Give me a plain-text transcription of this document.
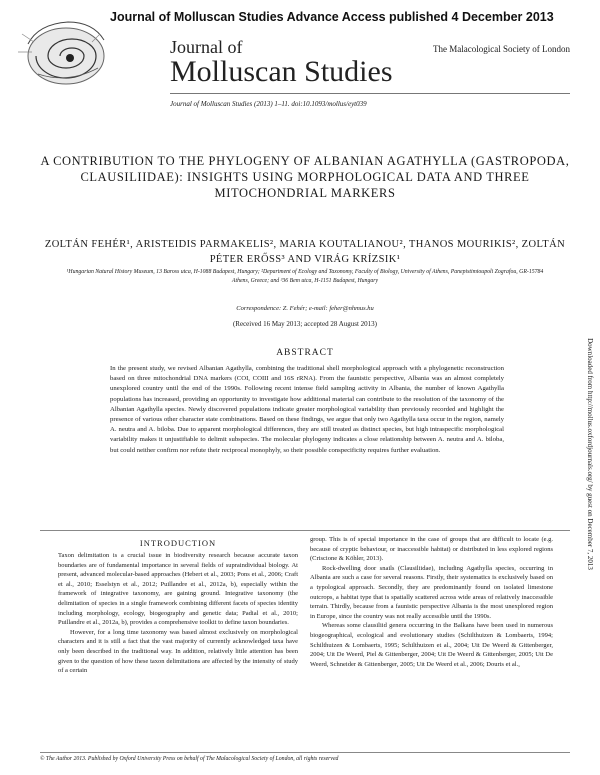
Journal of Molluscan Studies Advance Access published 4 December 2013
Journal of
Molluscan Studies
The Malacological Society of London
Journal of Molluscan Studies (2013) 1–11. doi:10.1093/mollus/eyt039
A CONTRIBUTION TO THE PHYLOGENY OF ALBANIAN AGATHYLLA (GASTROPODA, CLAUSILIIDAE): INSIGHTS USING MORPHOLOGICAL DATA AND THREE MITOCHONDRIAL MARKERS
ZOLTÁN FEHÉR¹, ARISTEIDIS PARMAKELIS², MARIA KOUTALIANOU², THANOS MOURIKIS², ZOLTÁN PÉTER ERŐSS³ AND VIRÁG KRÍZSIK¹
¹Hungarian Natural History Museum, 13 Baross utca, H-1088 Budapest, Hungary; ²Department of Ecology and Taxonomy, Faculty of Biology, University of Athens, Panepistimioupoli Zografou, GR-15784 Athens, Greece; and ³36 Bem utca, H-1151 Budapest, Hungary
Correspondence: Z. Fehér; e-mail: feher@nhmus.hu
(Received 16 May 2013; accepted 28 August 2013)
ABSTRACT
In the present study, we revised Albanian Agathylla, combining the traditional shell morphological approach with a phylogenetic reconstruction based on three mitochondrial DNA markers (COI, COIII and 16S rRNA). From the faunistic perspective, Albania was an almost completely unexplored country until the end of the 1990s. Following recent intense field sampling activity in Albania, the number of known Agathylla populations has increased, providing an opportunity to investigate how additional material can contribute to the resolution of the taxonomy of the Albanian Agathylla species. Newly discovered populations indicate greater morphological variability than previously recorded and highlight the presence of various other character state combinations. Based on these findings, we argue that only two Agathylla taxa occur in the region, namely A. neutra and A. biloba. Due to apparent morphological differences, they are still treated as distinct species, but high intraspecific morphological variability makes it unjustifiable to delimit subspecies. The molecular phylogeny indicates a close relationship between A. neutra and A. biloba, but could neither confirm nor refute their reciprocal monophyly, so their possible conspecificity requires further evaluation.
INTRODUCTION

Taxon delimitation is a crucial issue in biodiversity research because accurate taxon boundaries are of fundamental importance in several fields of supraindividual biology. At present, advanced molecular-based approaches (Hebert et al., 2003; Pons et al., 2006; Craft et al., 2010; Esselstyn et al., 2012; Puillandre et al., 2012a, b), especially within the framework of integrative taxonomy, are gaining ground. Integrative taxonomy (the delimitation of species in a single framework combining different facets of species identity including morphology, ecology, biogeography and genetic data; Padial et al., 2010; Puillandre et al., 2012a, b), provides a comprehensive toolkit to define taxon boundaries.

However, for a long time taxonomy was based almost exclusively on morphological characters and it is still a fact that the vast majority of currently acknowledged taxa have only been described in the traditional way. In addition, relatively little attention has been given to the question of how these taxon delimitations are affected by the intensity of study of a certain

group. This is of special importance in the case of groups that are difficult to locate (e.g. because of cryptic behaviour, or inaccessible habitat) or distributed in less explored regions (Criscione & Köhler, 2013).

Rock-dwelling door snails (Clausiliidae), including Agathylla species, occurring in Albania are such a case for several reasons. Firstly, their systematics is exclusively based on a typological approach. Secondly, they are predominantly found on isolated limestone outcrops, a habitat type that is spatially scattered across wide areas of relatively inaccessible terrain. Thirdly, because from a faunistic perspective Albania is the most unexplored region in Europe, since the country was not really accessible until the 1990s.

Whereas some clausiliid genera occurring in the Balkans have been used in numerous biogeographical, ecological and evolutionary studies (Schilthuizen & Lombaerts, 1994; Schilthuizen & Lombaerts, 1995; Schilthuizen et al., 2004; Uit De Weerd & Gittenberger, 2004; Uit De Weerd, Piel & Gittenberger, 2004; Uit De Weerd & Gittenberger, 2005; Uit De Weerd, Schneider & Gittenberger, 2005; Uit De Weerd et al., 2006; Douris et al.,

© The Author 2013. Published by Oxford University Press on behalf of The Malacological Society of London, all rights reserved
Downloaded from http://mollus.oxfordjournals.org/ by guest on December 7, 2013
